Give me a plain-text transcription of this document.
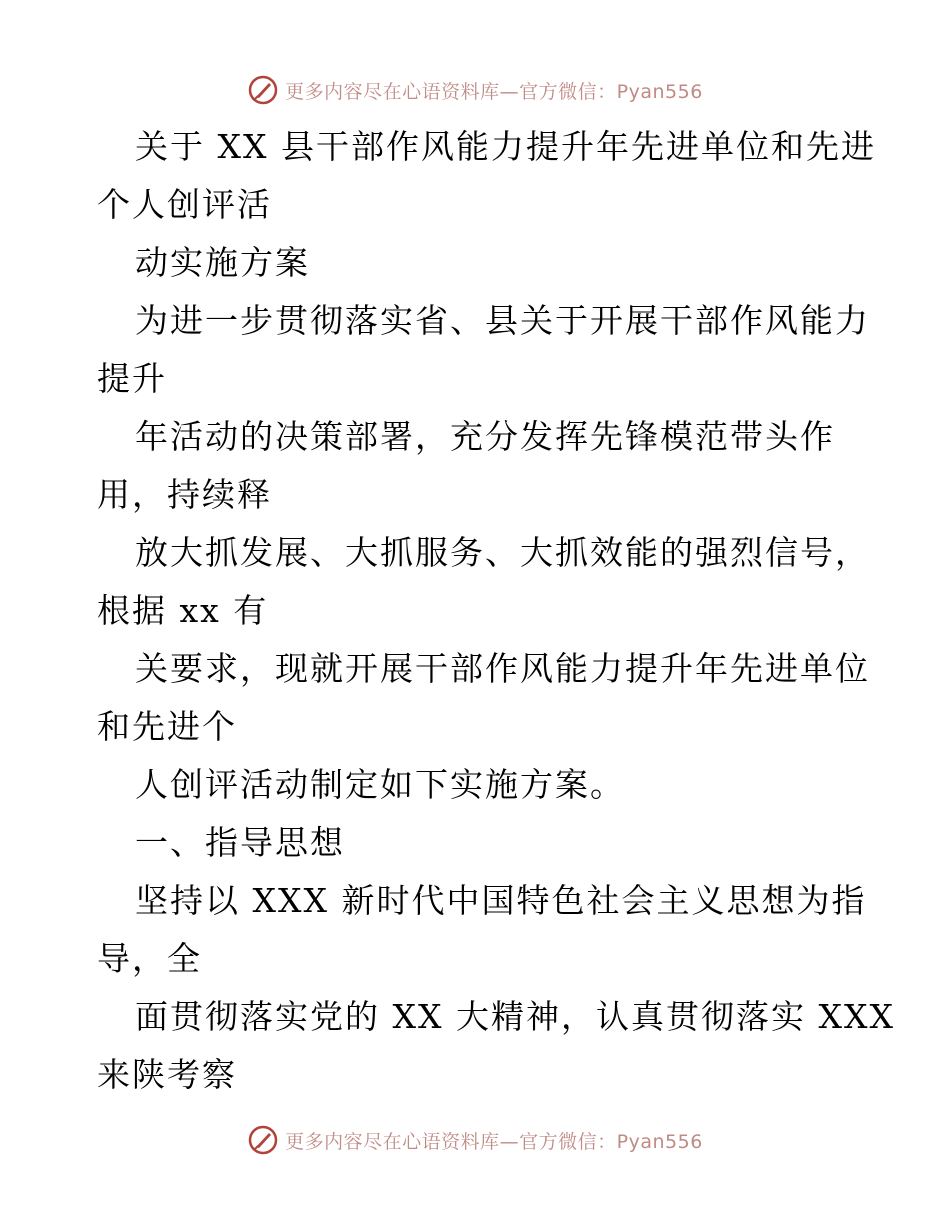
更多内容尽在心语资料库—官方微信：Pyan556
关于 XX 县干部作风能力提升年先进单位和先进
个人创评活
动实施方案
为进一步贯彻落实省、县关于开展干部作风能力
提升
年活动的决策部署，充分发挥先锋模范带头作
用，持续释
放大抓发展、大抓服务、大抓效能的强烈信号，
根据 xx 有
关要求，现就开展干部作风能力提升年先进单位
和先进个
人创评活动制定如下实施方案。
一、指导思想
坚持以 XXX 新时代中国特色社会主义思想为指
导，全
面贯彻落实党的 XX 大精神，认真贯彻落实 XXX
来陕考察
更多内容尽在心语资料库—官方微信：Pyan556
